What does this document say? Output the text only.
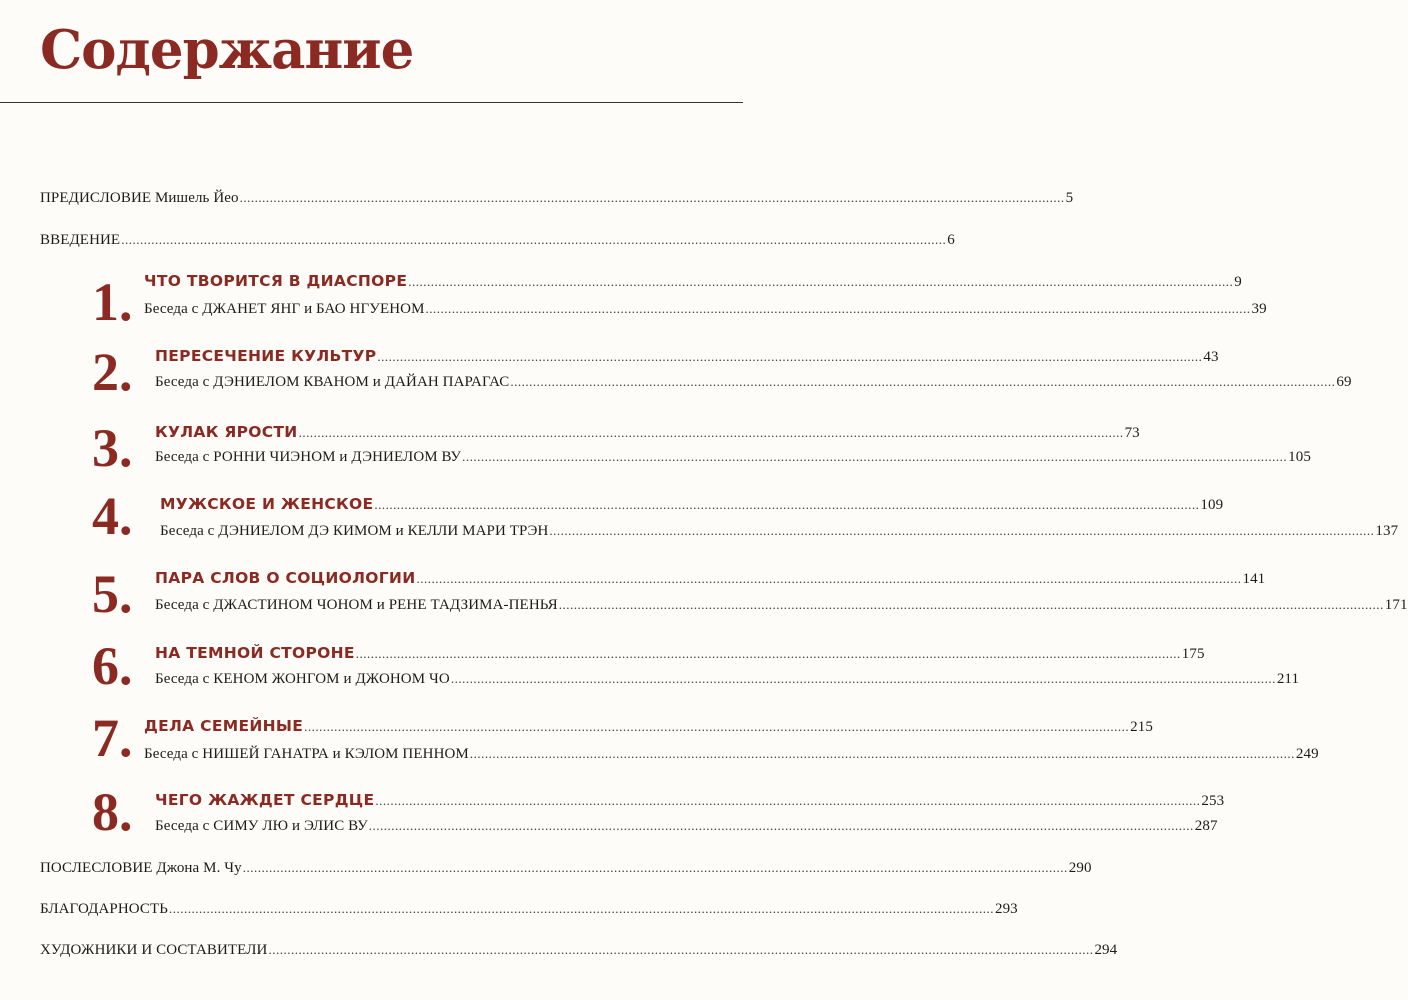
Содержание
ПРЕДИСЛОВИЕ Мишель Йео ............................................................................................................................................................................................................................ 5
ВВЕДЕНИЕ ............................................................................................................................................................................................................................ 6
1. ЧТО ТВОРИТСЯ В ДИАСПОРЕ ............................................................................................................................................................................................................................ 9
Беседа с ДЖАНЕТ ЯНГ и БАО НГУЕНОМ ............................................................................................................................................................................................................................ 39
2.	ПЕРЕСЕЧЕНИЕ КУЛЬТУР ............................................................................................................................................................................................................................ 43
Беседа с ДЭНИЕЛОМ КВАНОМ и ДАЙАН ПАРАГАС ............................................................................................................................................................................................................................ 69
3.	КУЛАК ЯРОСТИ ............................................................................................................................................................................................................................ 73
Беседа с РОННИ ЧИЭНОМ и ДЭНИЕЛОМ ВУ ............................................................................................................................................................................................................................ 105
4.	МУЖСКОЕ И ЖЕНСКОЕ ............................................................................................................................................................................................................................ 109
Беседа с ДЭНИЕЛОМ ДЭ КИМОМ и КЕЛЛИ МАРИ ТРЭН ............................................................................................................................................................................................................................ 137
5.	ПАРА СЛОВ О СОЦИОЛОГИИ ............................................................................................................................................................................................................................ 141
Беседа с ДЖАСТИНОМ ЧОНОМ и РЕНЕ ТАДЗИМА-ПЕНЬЯ ............................................................................................................................................................................................................................ 171
6.	НА ТЕМНОЙ СТОРОНЕ ............................................................................................................................................................................................................................ 175
Беседа с КЕНОМ ЖОНГОМ и ДЖОНОМ ЧО ............................................................................................................................................................................................................................ 211
7. ДЕЛА СЕМЕЙНЫЕ ............................................................................................................................................................................................................................ 215
Беседа с НИШЕЙ ГАНАТРА и КЭЛОМ ПЕННОМ ............................................................................................................................................................................................................................ 249
8.	ЧЕГО ЖАЖДЕТ СЕРДЦЕ ............................................................................................................................................................................................................................ 253
Беседа с СИМУ ЛЮ и ЭЛИС ВУ ............................................................................................................................................................................................................................ 287
ПОСЛЕСЛОВИЕ Джона М. Чу ............................................................................................................................................................................................................................ 290
БЛАГОДАРНОСТЬ ............................................................................................................................................................................................................................ 293
ХУДОЖНИКИ И СОСТАВИТЕЛИ ............................................................................................................................................................................................................................ 294
